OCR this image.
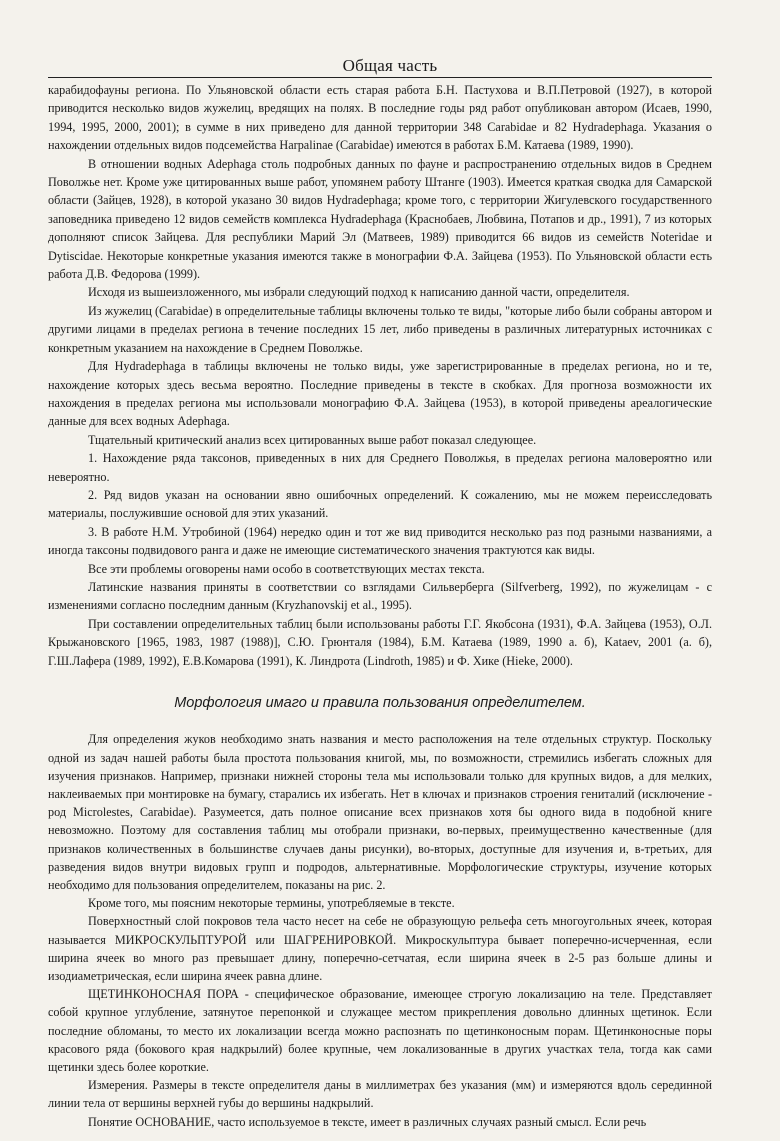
Общая часть

карабидофауны региона. По Ульяновской области есть старая работа Б.Н. Пастухова и В.П.Петровой (1927), в которой приводится несколько видов жужелиц, вредящих на полях. В последние годы ряд работ опубликован автором (Исаев, 1990, 1994, 1995, 2000, 2001); в сумме в них приведено для данной территории 348 Carabidae и 82 Hydradephaga. Указания о нахождении отдельных видов подсемейства Harpalinae (Carabidae) имеются в работах Б.М. Катаева (1989, 1990).

В отношении водных Adephaga столь подробных данных по фауне и распространению отдельных видов в Среднем Поволжье нет. Кроме уже цитированных выше работ, упомянем работу Штанге (1903). Имеется краткая сводка для Самарской области (Зайцев, 1928), в которой указано 30 видов Hydradephaga; кроме того, с территории Жигулевского государственного заповедника приведено 12 видов семейств комплекса Hydradephaga (Краснобаев, Любвина, Потапов и др., 1991), 7 из которых дополняют список Зайцева. Для республики Марий Эл (Матвеев, 1989) приводится 66 видов из семейств Noteridae и Dytiscidae. Некоторые конкретные указания имеются также в монографии Ф.А. Зайцева (1953). По Ульяновской области есть работа Д.В. Федорова (1999).

Исходя из вышеизложенного, мы избрали следующий подход к написанию данной части, определителя.

Из жужелиц (Carabidae) в определительные таблицы включены только те виды, "которые либо были собраны автором и другими лицами в пределах региона в течение последних 15 лет, либо приведены в различных литературных источниках с конкретным указанием на нахождение в Среднем Поволжье.

Для Hydradephaga в таблицы включены не только виды, уже зарегистрированные в пределах региона, но и те, нахождение которых здесь весьма вероятно. Последние приведены в тексте в скобках. Для прогноза возможности их нахождения в пределах региона мы использовали монографию Ф.А. Зайцева (1953), в которой приведены ареалогические данные для всех водных Adephaga.

Тщательный критический анализ всех цитированных выше работ показал следующее.

1. Нахождение ряда таксонов, приведенных в них для Среднего Поволжья, в пределах региона маловероятно или невероятно.

2. Ряд видов указан на основании явно ошибочных определений. К сожалению, мы не можем переисследовать материалы, послужившие основой для этих указаний.

3. В работе Н.М. Утробиной (1964) нередко один и тот же вид приводится несколько раз под разными названиями, а иногда таксоны подвидового ранга и даже не имеющие систематического значения трактуются как виды.

Все эти проблемы оговорены нами особо в соответствующих местах текста.

Латинские названия приняты в соответствии со взглядами Сильверберга (Silfverberg, 1992), по жужелицам - с изменениями согласно последним данным (Kryzhanovskij et al., 1995).

При составлении определительных таблиц были использованы работы Г.Г. Якобсона (1931), Ф.А. Зайцева (1953), О.Л. Крыжановского [1965, 1983, 1987 (1988)], С.Ю. Грюнталя (1984), Б.М. Катаева (1989, 1990 а. б), Kataev, 2001 (а. б), Г.Ш.Лафера (1989, 1992), Е.В.Комарова (1991), К. Линдрота (Lindroth, 1985) и Ф. Хике (Hieke, 2000).

Морфология имаго и правила пользования определителем.

Для определения жуков необходимо знать названия и место расположения на теле отдельных структур. Поскольку одной из задач нашей работы была простота пользования книгой, мы, по возможности, стремились избегать сложных для изучения признаков. Например, признаки нижней стороны тела мы использовали только для крупных видов, а для мелких, наклеиваемых при монтировке на бумагу, старались их избегать. Нет в ключах и признаков строения гениталий (исключение - род Microlestes, Carabidae). Разумеется, дать полное описание всех признаков хотя бы одного вида в подобной книге невозможно. Поэтому для составления таблиц мы отобрали признаки, во-первых, преимущественно качественные (для признаков количественных в большинстве случаев даны рисунки), во-вторых, доступные для изучения и, в-третьих, для разведения видов внутри видовых групп и подродов, альтернативные. Морфологические структуры, изучение которых необходимо для пользования определителем, показаны на рис. 2.

Кроме того, мы поясним некоторые термины, употребляемые в тексте.

Поверхностный слой покровов тела часто несет на себе не образующую рельефа сеть многоугольных ячеек, которая называется МИКРОСКУЛЬПТУРОЙ или ШАГРЕНИРОВКОЙ. Микроскульптура бывает поперечно-исчерченная, если ширина ячеек во много раз превышает длину, поперечно-сетчатая, если ширина ячеек в 2-5 раз больше длины и изодиаметрическая, если ширина ячеек равна длине.

ЩЕТИНКОНОСНАЯ ПОРА - специфическое образование, имеющее строгую локализацию на теле. Представляет собой крупное углубление, затянутое перепонкой и служащее местом прикрепления довольно длинных щетинок. Если последние обломаны, то место их локализации всегда можно распознать по щетинконосным порам. Щетинконосные поры красового ряда (бокового края надкрылий) более крупные, чем локализованные в других участках тела, тогда как сами щетинки здесь более короткие.

Измерения. Размеры в тексте определителя даны в миллиметрах без указания (мм) и измеряются вдоль серединной линии тела от вершины верхней губы до вершины надкрылий.

Понятие ОСНОВАНИЕ, часто используемое в тексте, имеет в различных случаях разный смысл. Если речь
